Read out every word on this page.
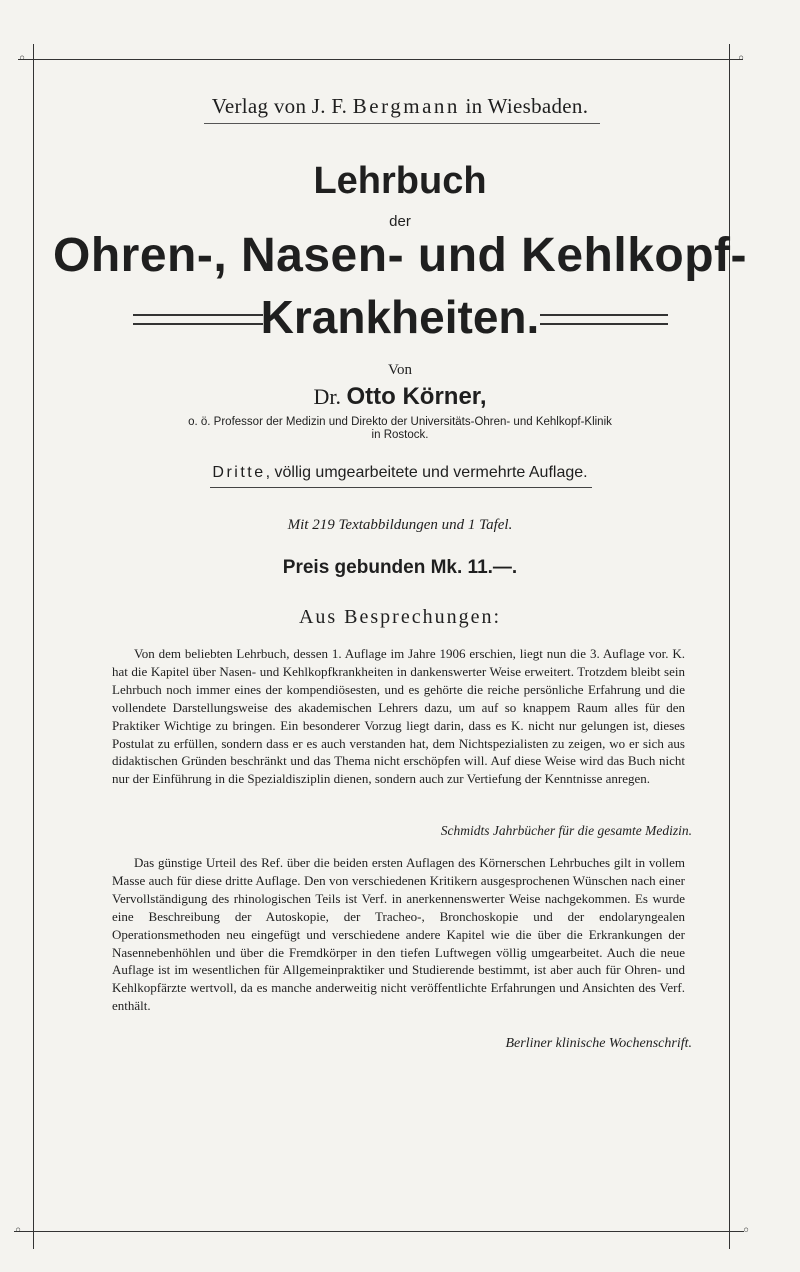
◦	◦
◦	◦
Verlag von J. F. Bergmann in Wiesbaden.
Lehrbuch
der
Ohren-, Nasen- und Kehlkopf-
Krankheiten.
Von
Dr. Otto Körner,
o. ö. Professor der Medizin und Direkto der Universitäts-Ohren- und Kehlkopf-Klinik
in Rostock.
Dritte, völlig umgearbeitete und vermehrte Auflage.
Mit 219 Textabbildungen und 1 Tafel.
Preis gebunden Mk. 11.—.
Aus Besprechungen:
Von dem beliebten Lehrbuch, dessen 1. Auflage im Jahre 1906 erschien, liegt nun die 3. Auflage vor. K. hat die Kapitel über Nasen- und Kehlkopfkrankheiten in dankenswerter Weise erweitert. Trotzdem bleibt sein Lehrbuch noch immer eines der kompendiösesten, und es gehörte die reiche persönliche Erfahrung und die vollendete Darstellungsweise des akademischen Lehrers dazu, um auf so knappem Raum alles für den Praktiker Wichtige zu bringen. Ein besonderer Vorzug liegt darin, dass es K. nicht nur gelungen ist, dieses Postulat zu erfüllen, sondern dass er es auch verstanden hat, dem Nichtspezialisten zu zeigen, wo er sich aus didaktischen Gründen beschränkt und das Thema nicht erschöpfen will. Auf diese Weise wird das Buch nicht nur der Einführung in die Spezialdisziplin dienen, sondern auch zur Vertiefung der Kenntnisse anregen.
Schmidts Jahrbücher für die gesamte Medizin.
Das günstige Urteil des Ref. über die beiden ersten Auflagen des Körnerschen Lehrbuches gilt in vollem Masse auch für diese dritte Auflage. Den von verschiedenen Kritikern ausgesprochenen Wünschen nach einer Vervollständigung des rhinologischen Teils ist Verf. in anerkennenswerter Weise nachgekommen. Es wurde eine Beschreibung der Autoskopie, der Tracheo-, Bronchoskopie und der endolaryngealen Operationsmethoden neu eingefügt und verschiedene andere Kapitel wie die über die Erkrankungen der Nasennebenhöhlen und über die Fremdkörper in den tiefen Luftwegen völlig umgearbeitet. Auch die neue Auflage ist im wesentlichen für Allgemeinpraktiker und Studierende bestimmt, ist aber auch für Ohren- und Kehlkopfärzte wertvoll, da es manche anderweitig nicht veröffentlichte Erfahrungen und Ansichten des Verf. enthält.
Berliner klinische Wochenschrift.
